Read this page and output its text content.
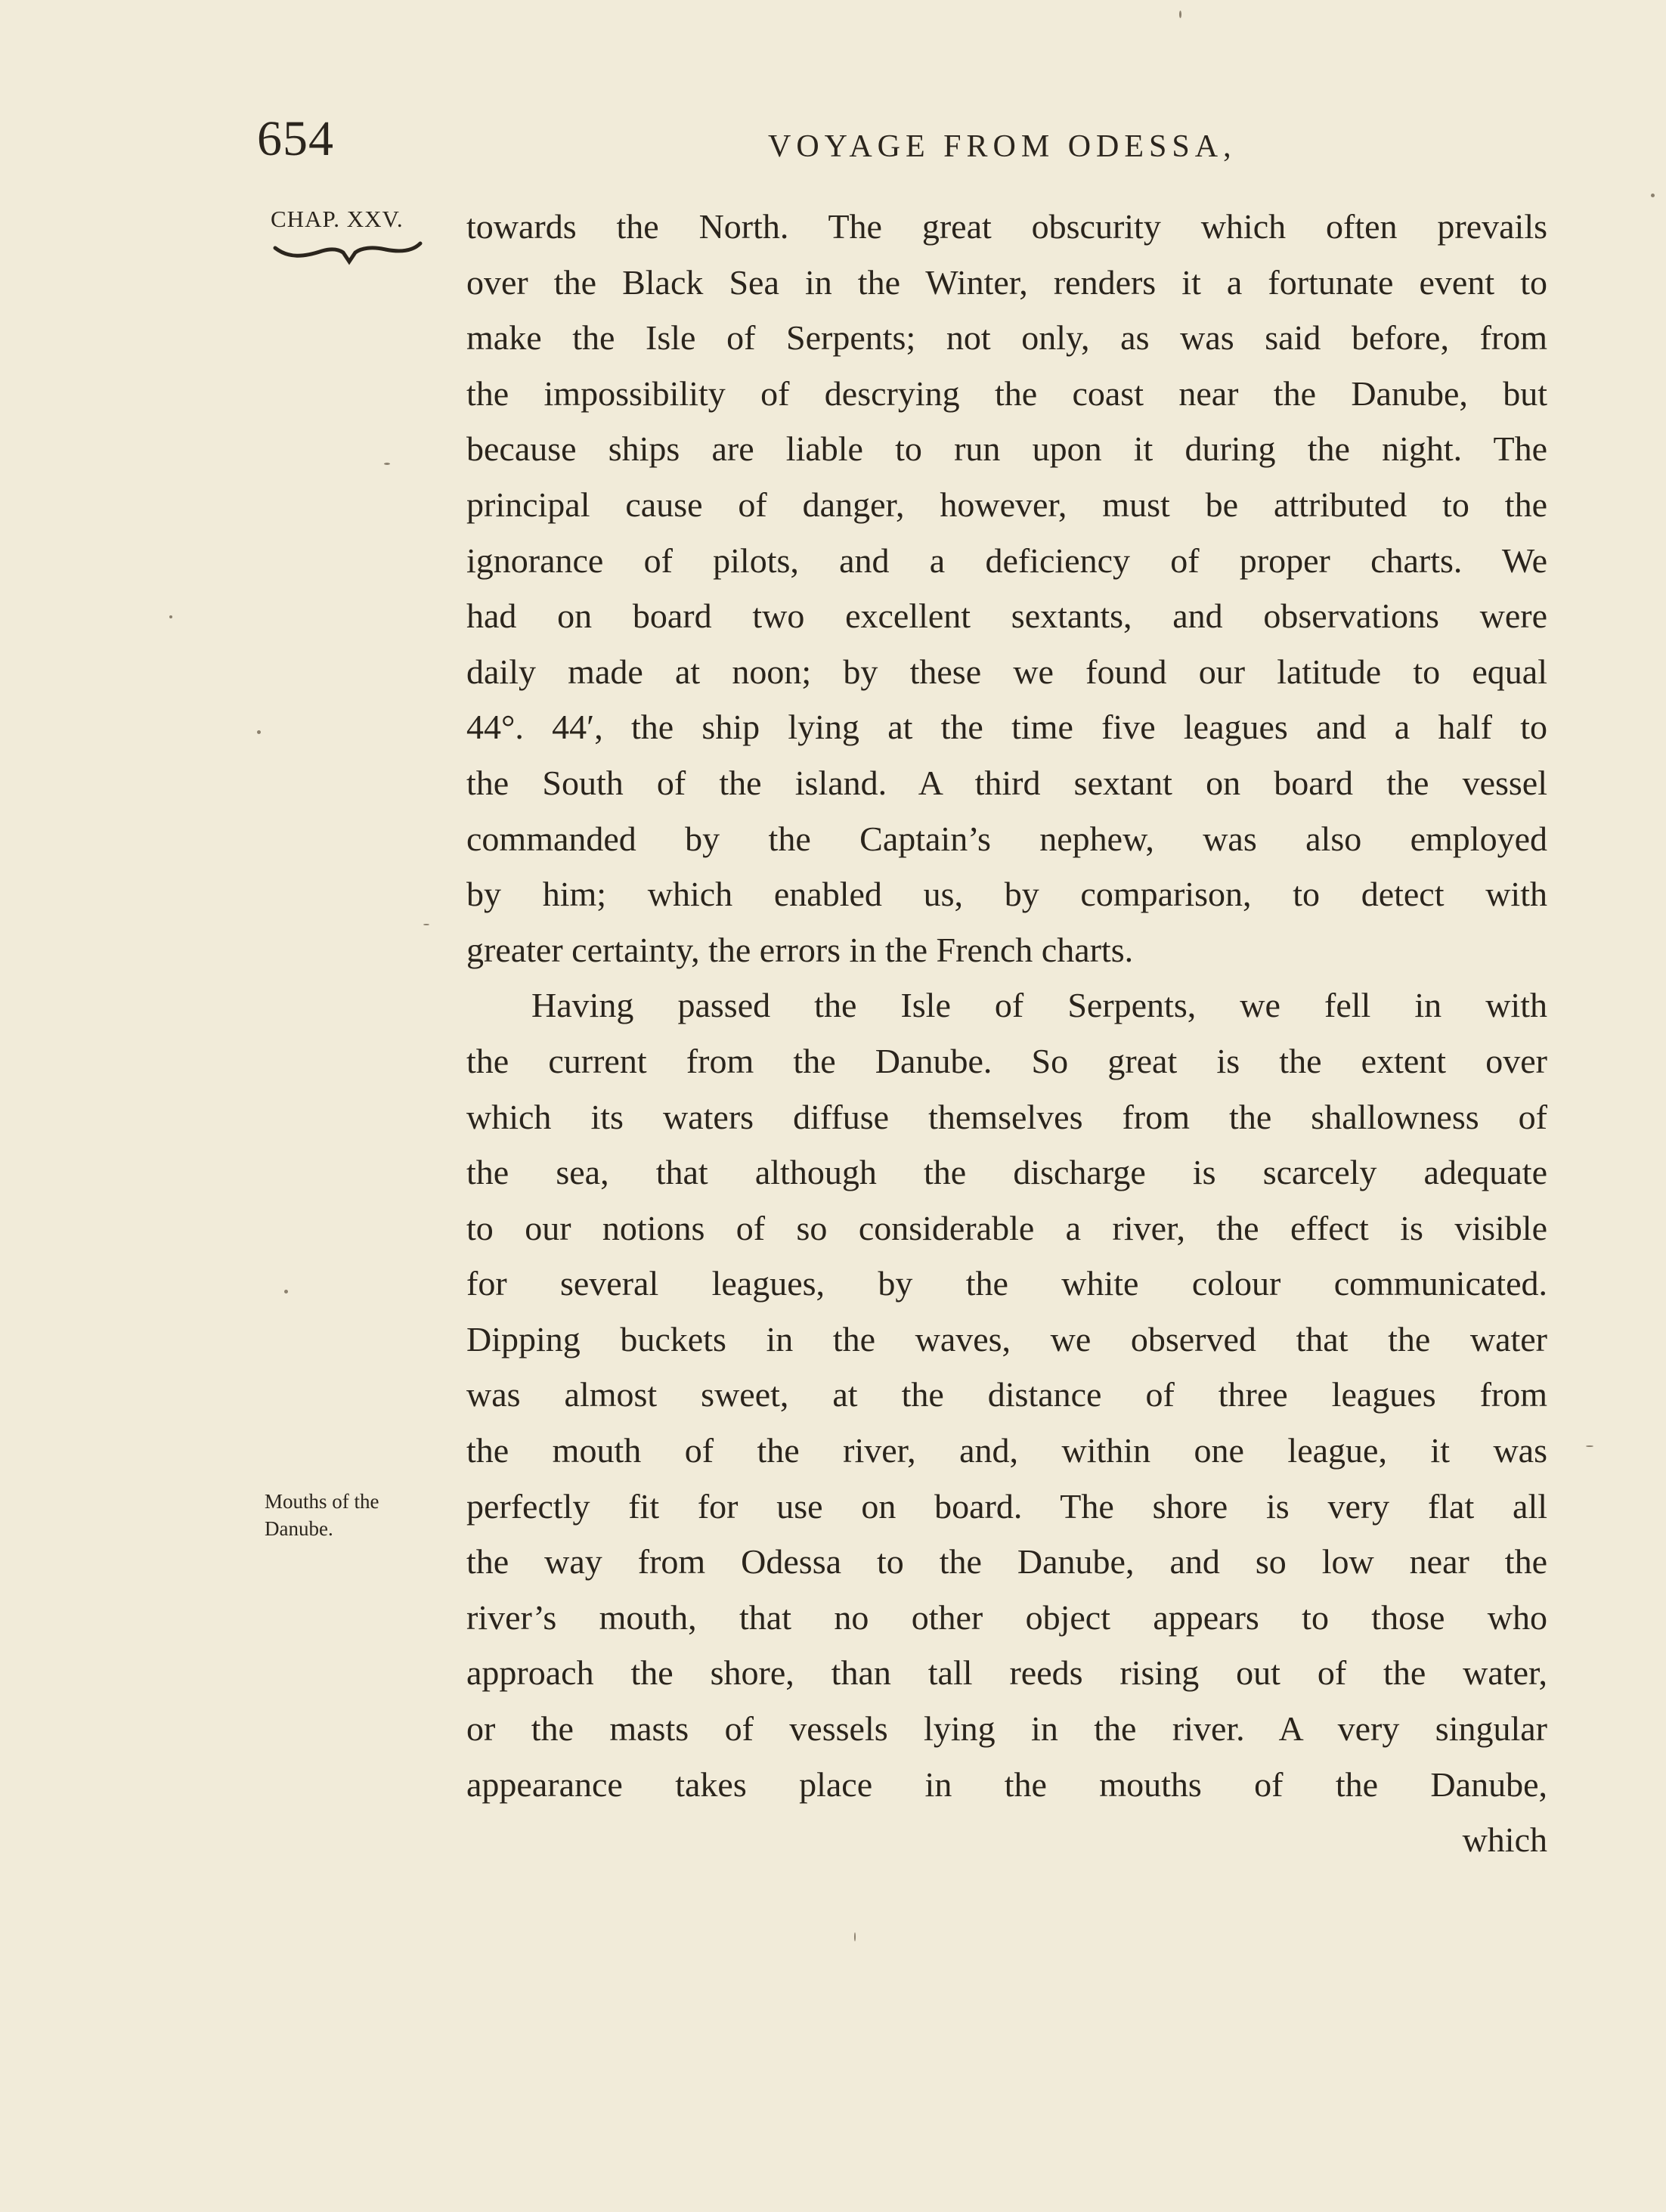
654	VOYAGE FROM ODESSA,
CHAP. XXV.
Mouths of the
Danube.
towards the North. The great obscurity which often prevails
over the Black Sea in the Winter, renders it a fortunate event to
make the Isle of Serpents; not only, as was said before, from
the impossibility of descrying the coast near the Danube, but
because ships are liable to run upon it during the night. The
principal cause of danger, however, must be attributed to the
ignorance of pilots, and a deficiency of proper charts. We
had on board two excellent sextants, and observations were
daily made at noon; by these we found our latitude to equal
44°. 44′, the ship lying at the time five leagues and a half to
the South of the island. A third sextant on board the vessel
commanded by the Captain’s nephew, was also employed
by him; which enabled us, by comparison, to detect with
greater certainty, the errors in the French charts.
Having passed the Isle of Serpents, we fell in with
the current from the Danube. So great is the extent over
which its waters diffuse themselves from the shallowness of
the sea, that although the discharge is scarcely adequate
to our notions of so considerable a river, the effect is visible
for several leagues, by the white colour communicated.
Dipping buckets in the waves, we observed that the water
was almost sweet, at the distance of three leagues from
the mouth of the river, and, within one league, it was
perfectly fit for use on board. The shore is very flat all
the way from Odessa to the Danube, and so low near the
river’s mouth, that no other object appears to those who
approach the shore, than tall reeds rising out of the water,
or the masts of vessels lying in the river. A very singular
appearance takes place in the mouths of the Danube,
which
